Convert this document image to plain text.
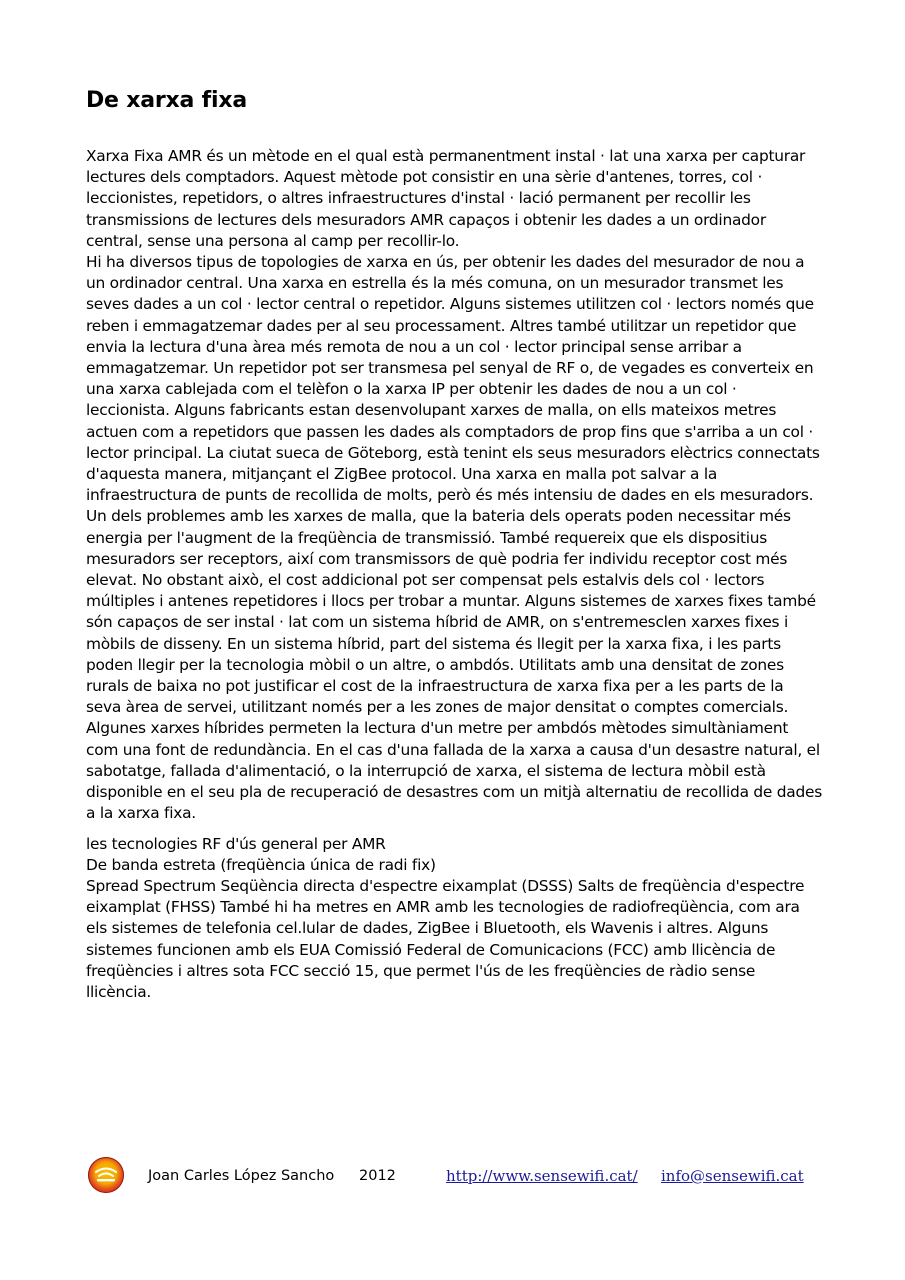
De xarxa fixa

Xarxa Fixa AMR és un mètode en el qual està permanentment instal · lat una xarxa per capturar lectures dels comptadors. Aquest mètode pot consistir en una sèrie d'antenes, torres, col · leccionistes, repetidors, o altres infraestructures d'instal · lació permanent per recollir les transmissions de lectures dels mesuradors AMR capaços i obtenir les dades a un ordinador central, sense una persona al camp per recollir-lo.

Hi ha diversos tipus de topologies de xarxa en ús, per obtenir les dades del mesurador de nou a un ordinador central. Una xarxa en estrella és la més comuna, on un mesurador transmet les seves dades a un col · lector central o repetidor. Alguns sistemes utilitzen col · lectors només que reben i emmagatzemar dades per al seu processament. Altres també utilitzar un repetidor que envia la lectura d'una àrea més remota de nou a un col · lector principal sense arribar a emmagatzemar. Un repetidor pot ser transmesa pel senyal de RF o, de vegades es converteix en una xarxa cablejada com el telèfon o la xarxa IP per obtenir les dades de nou a un col · leccionista. Alguns fabricants estan desenvolupant xarxes de malla, on ells mateixos metres actuen com a repetidors que passen les dades als comptadors de prop fins que s'arriba a un col · lector principal. La ciutat sueca de Göteborg, està tenint els seus mesuradors elèctrics connectats d'aquesta manera, mitjançant el ZigBee protocol. Una xarxa en malla pot salvar a la infraestructura de punts de recollida de molts, però és més intensiu de dades en els mesuradors. Un dels problemes amb les xarxes de malla, que la bateria dels operats poden necessitar més energia per l'augment de la freqüència de transmissió. També requereix que els dispositius mesuradors ser receptors, així com transmissors de què podria fer individu receptor cost més elevat. No obstant això, el cost addicional pot ser compensat pels estalvis dels col · lectors múltiples i antenes repetidores i llocs per trobar a muntar. Alguns sistemes de xarxes fixes també són capaços de ser instal · lat com un sistema híbrid de AMR, on s'entremesclen xarxes fixes i mòbils de disseny. En un sistema híbrid, part del sistema és llegit per la xarxa fixa, i les parts poden llegir per la tecnologia mòbil o un altre, o ambdós. Utilitats amb una densitat de zones rurals de baixa no pot justificar el cost de la infraestructura de xarxa fixa per a les parts de la seva àrea de servei, utilitzant només per a les zones de major densitat o comptes comercials. Algunes xarxes híbrides permeten la lectura d'un metre per ambdós mètodes simultàniament com una font de redundància. En el cas d'una fallada de la xarxa a causa d'un desastre natural, el sabotatge, fallada d'alimentació, o la interrupció de xarxa, el sistema de lectura mòbil està disponible en el seu pla de recuperació de desastres com un mitjà alternatiu de recollida de dades a la xarxa fixa.

les tecnologies RF d'ús general per AMR

De banda estreta (freqüència única de radi fix)

Spread Spectrum Seqüència directa d'espectre eixamplat (DSSS) Salts de freqüència d'espectre eixamplat (FHSS) També hi ha metres en AMR amb les tecnologies de radiofreqüència, com ara els sistemes de telefonia cel.lular de dades, ZigBee i Bluetooth, els Wavenis i altres. Alguns sistemes funcionen amb els EUA Comissió Federal de Comunicacions (FCC) amb llicència de freqüències i altres sota FCC secció 15, que permet l'ús de les freqüències de ràdio sense llicència.

Joan Carles López Sancho 2012	http://www.sensewifi.cat/ info@sensewifi.cat
